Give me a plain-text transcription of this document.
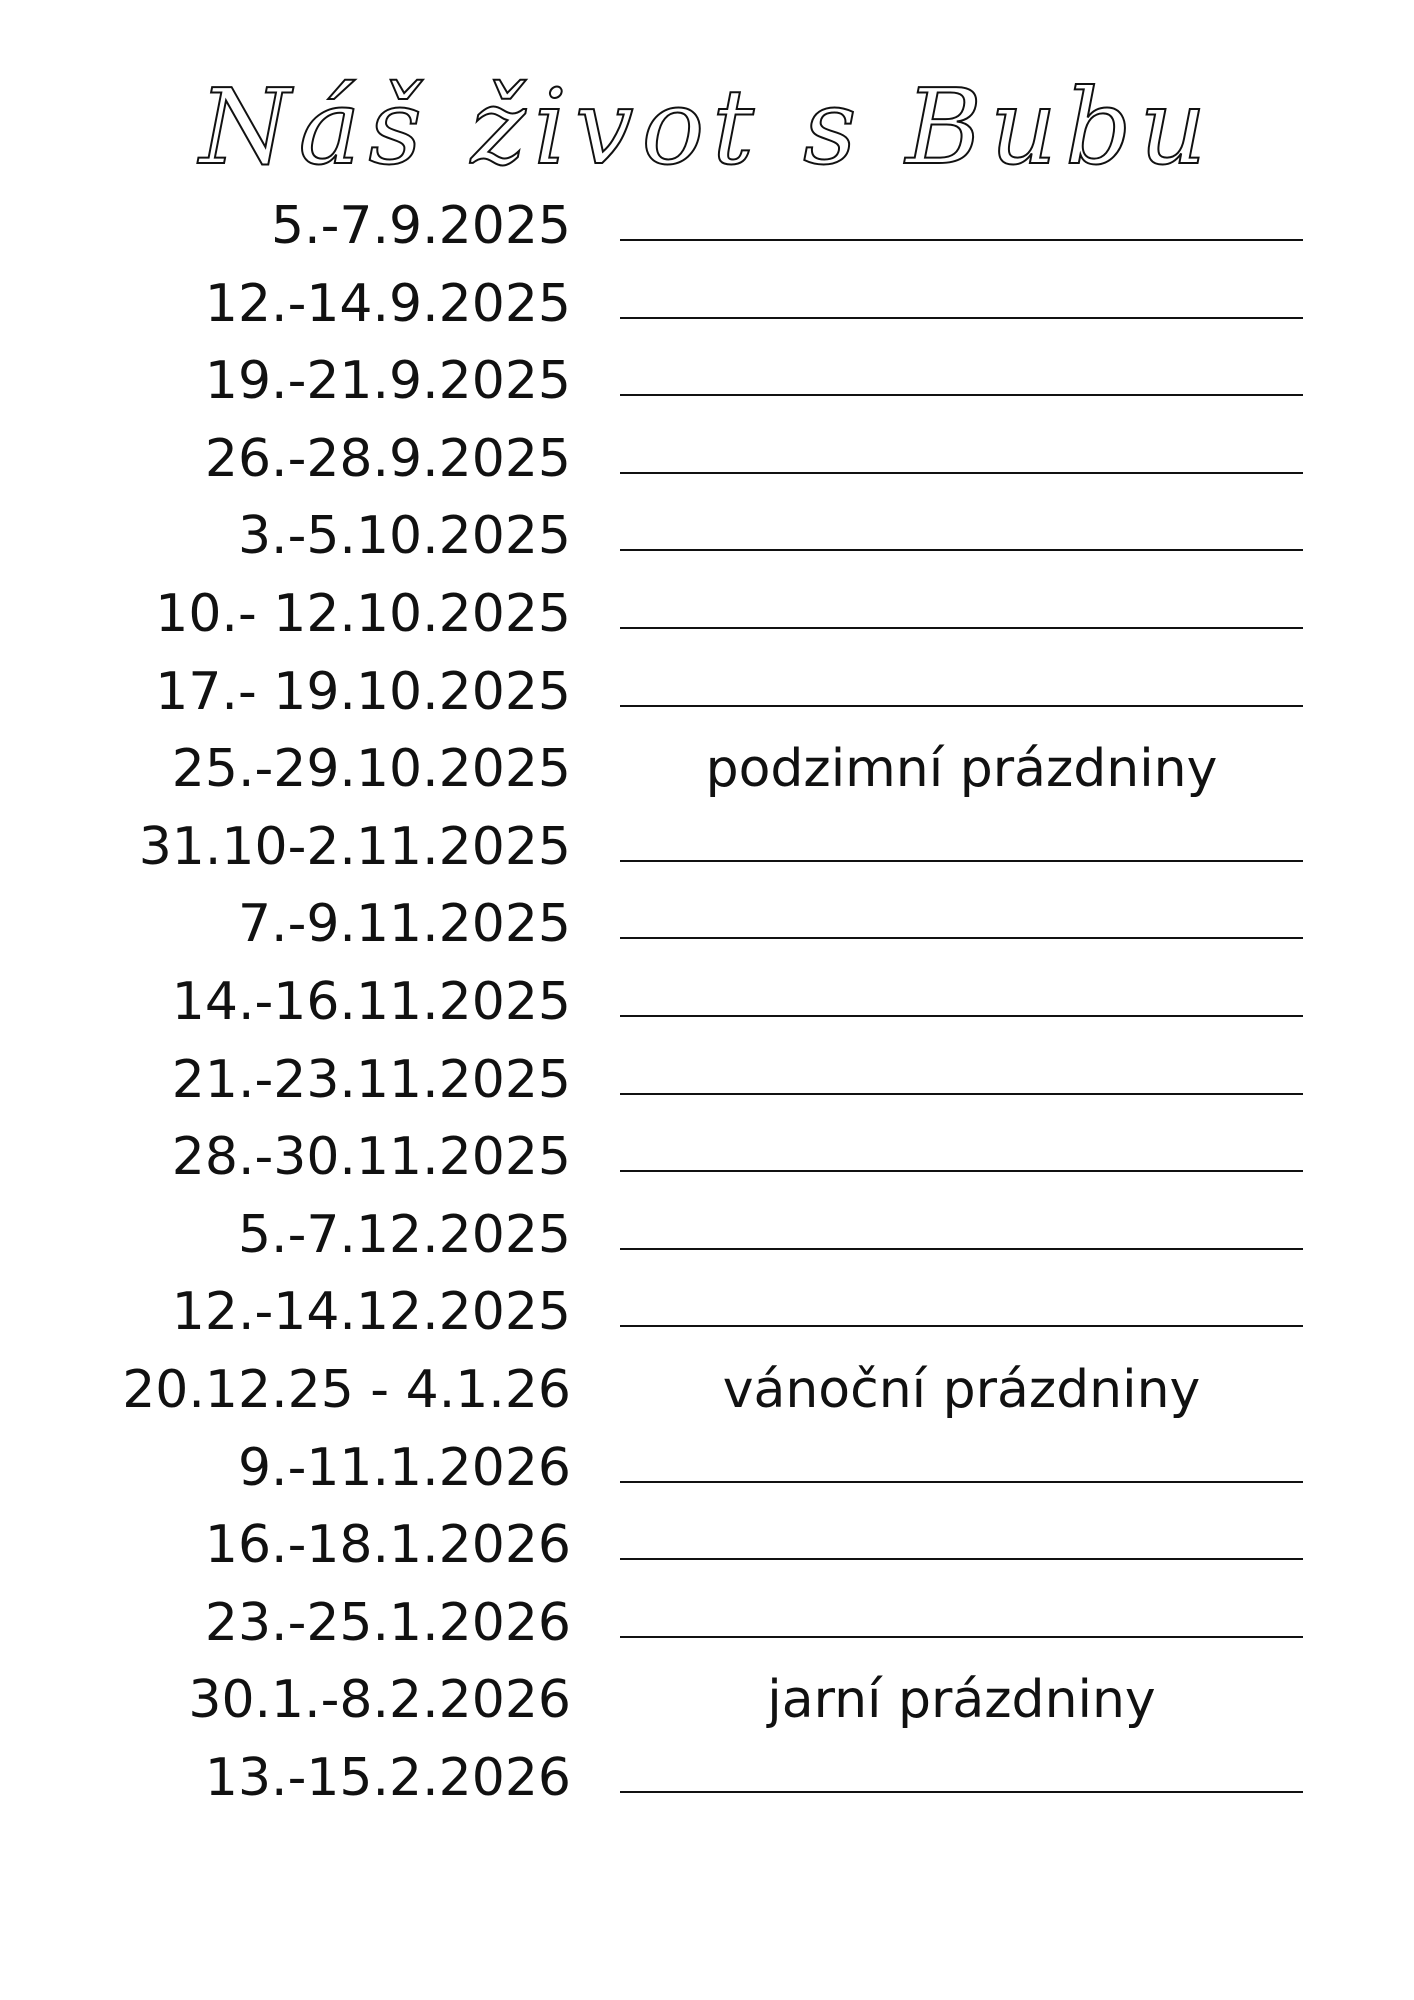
Náš život s Bubu
5.-7.9.2025
12.-14.9.2025
19.-21.9.2025
26.-28.9.2025
3.-5.10.2025
10.- 12.10.2025
17.- 19.10.2025
25.-29.10.2025	podzimní prázdniny
31.10-2.11.2025
7.-9.11.2025
14.-16.11.2025
21.-23.11.2025
28.-30.11.2025
5.-7.12.2025
12.-14.12.2025
20.12.25 - 4.1.26	vánoční prázdniny
9.-11.1.2026
16.-18.1.2026
23.-25.1.2026
30.1.-8.2.2026	jarní prázdniny
13.-15.2.2026
